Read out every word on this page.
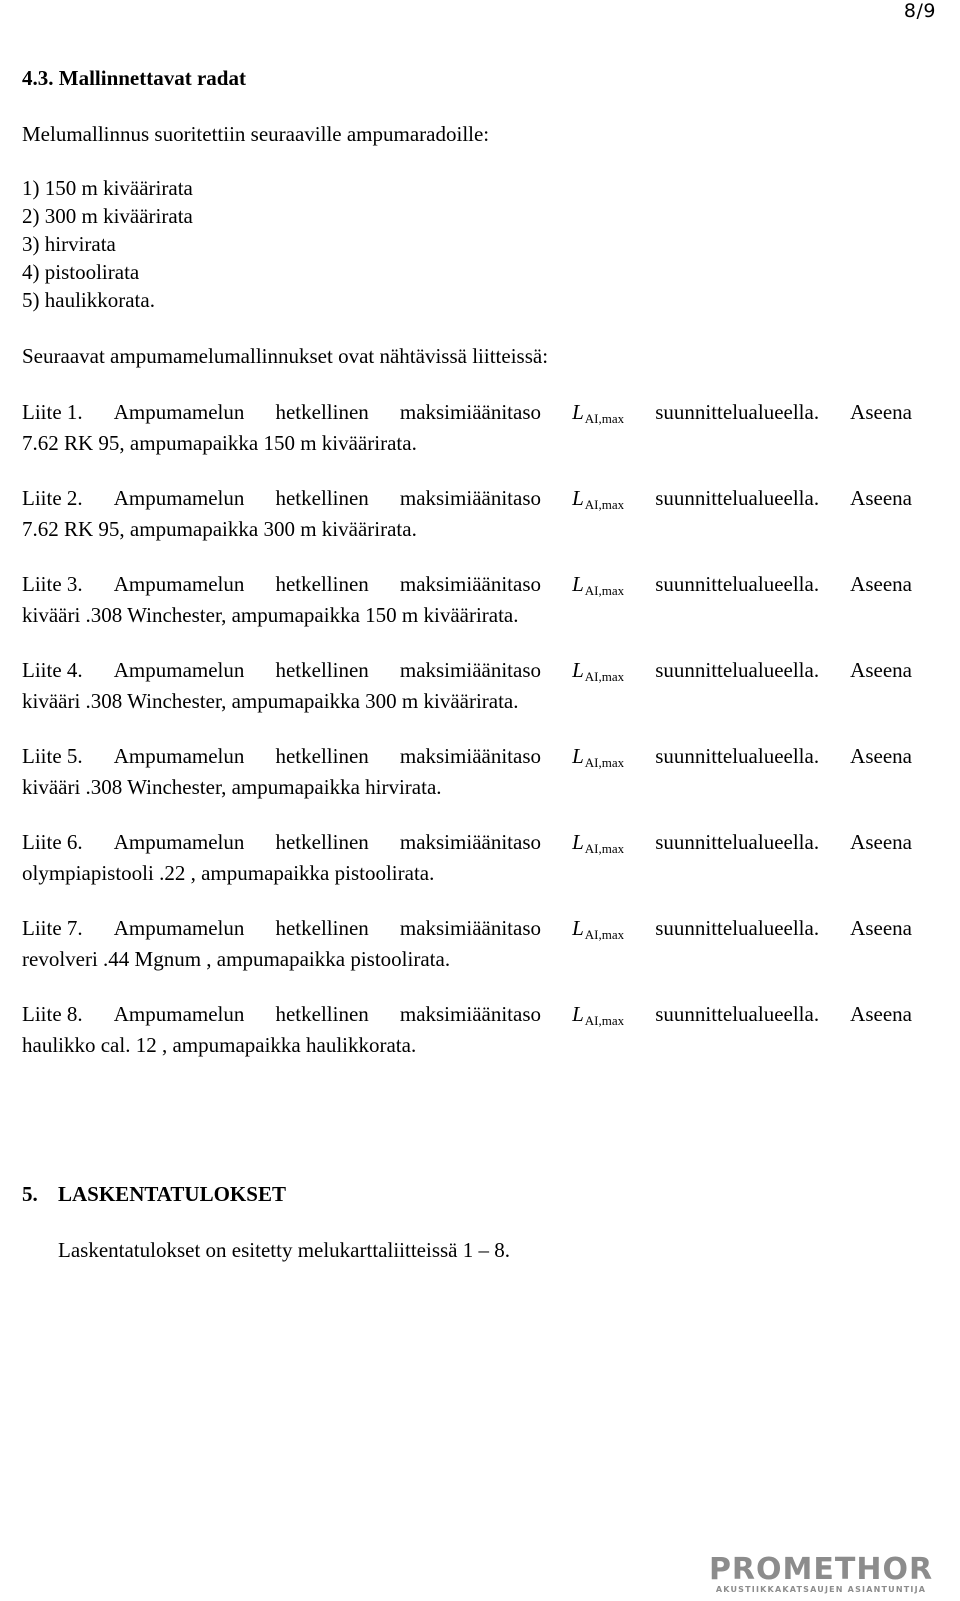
8/9
4.3. Mallinnettavat radat

Melumallinnus suoritettiin seuraaville ampumaradoille:

1) 150 m kiväärirata
2) 300 m kiväärirata
3) hirvirata
4) pistoolirata
5) haulikkorata.

Seuraavat ampumamelumallinnukset ovat nähtävissä liitteissä:

Liite 1. Ampumamelun hetkellinen maksimiäänitaso LAI,max suunnittelualueella. Aseena
7.62 RK 95, ampumapaikka 150 m kiväärirata.
Liite 2. Ampumamelun hetkellinen maksimiäänitaso LAI,max suunnittelualueella. Aseena
7.62 RK 95, ampumapaikka 300 m kiväärirata.
Liite 3. Ampumamelun hetkellinen maksimiäänitaso LAI,max suunnittelualueella. Aseena
kivääri .308 Winchester, ampumapaikka 150 m kiväärirata.
Liite 4. Ampumamelun hetkellinen maksimiäänitaso LAI,max suunnittelualueella. Aseena
kivääri .308 Winchester, ampumapaikka 300 m kiväärirata.
Liite 5. Ampumamelun hetkellinen maksimiäänitaso LAI,max suunnittelualueella. Aseena
kivääri .308 Winchester, ampumapaikka hirvirata.
Liite 6. Ampumamelun hetkellinen maksimiäänitaso LAI,max suunnittelualueella. Aseena
olympiapistooli .22 , ampumapaikka pistoolirata.
Liite 7. Ampumamelun hetkellinen maksimiäänitaso LAI,max suunnittelualueella. Aseena
revolveri .44 Mgnum , ampumapaikka pistoolirata.
Liite 8. Ampumamelun hetkellinen maksimiäänitaso LAI,max suunnittelualueella. Aseena
haulikko cal. 12 , ampumapaikka haulikkorata.
5. LASKENTATULOKSET

Laskentatulokset on esitetty melukarttaliitteissä 1 – 8.

PROMETHOR
AKUSTIIKKAKATSAUJEN ASIANTUNTIJA
